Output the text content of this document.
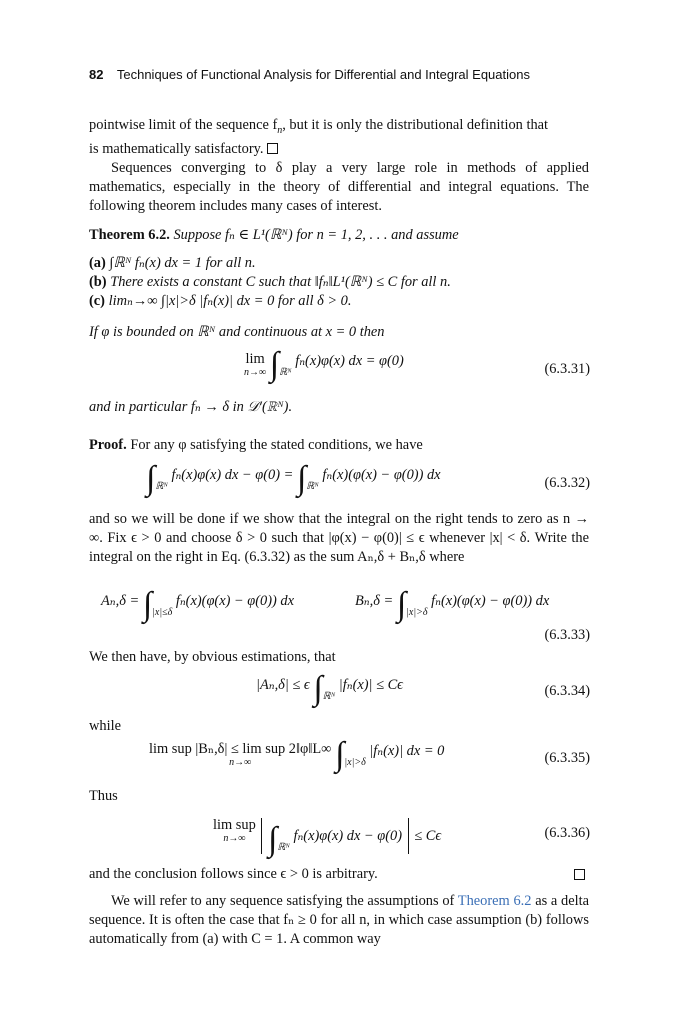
82 Techniques of Functional Analysis for Differential and Integral Equations
pointwise limit of the sequence $f_n$, but it is only the distributional definition that
is mathematically satisfactory.
Sequences converging to δ play a very large role in methods of applied mathematics, especially in the theory of differential and integral equations. The following theorem includes many cases of interest.
Theorem 6.2. Suppose fₙ ∈ L¹(ℝᴺ) for n = 1, 2, . . . and assume
(a) ∫ℝᴺ fₙ(x) dx = 1 for all n.
(b) There exists a constant C such that ‖fₙ‖L¹(ℝᴺ) ≤ C for all n.
(c) limₙ→∞ ∫|x|>δ |fₙ(x)| dx = 0 for all δ > 0.
If φ is bounded on ℝᴺ and continuous at x = 0 then
lim
n→∞ $\int_{ℝᴺ}$ fₙ(x)φ(x) dx = φ(0)	(6.3.31)
and in particular fₙ → δ in 𝒟′(ℝᴺ).
Proof. For any φ satisfying the stated conditions, we have
$\int_{ℝᴺ}$ fₙ(x)φ(x) dx − $\varphi(0) = \int_{ℝᴺ}$ fₙ(x)(φ(x) − φ(0)) dx	(6.3.32)
and so we will be done if we show that the integral on the right tends to zero as n → ∞. Fix ϵ > 0 and choose δ > 0 such that |φ(x) − φ(0)| ≤ ϵ whenever |x| < δ. Write the integral on the right in Eq. (6.3.32) as the sum Aₙ,δ + Bₙ,δ where
$A_n,\delta = \int_{|x|\le\delta}$ fₙ(x)(φ(x) − φ(0)) dx	$B_n,\delta = \int_{|x|>\delta}$ fₙ(x)(φ(x) − φ(0)) dx
(6.3.33)
We then have, by obvious estimations, that
|Aₙ,δ| ≤ ϵ $\int_{ℝᴺ}$ |fₙ(x)| ≤ Cϵ	(6.3.34)
while
lim sup |Bₙ,δ| ≤ lim sup 2‖φ‖L∞
n→∞	$\int_{|x|>\delta}$ |fₙ(x)| dx = 0	(6.3.35)
Thus
lim sup
n→∞ $\int_{ℝᴺ}$ fₙ(x)φ(x) dx − φ(0) ≤ Cϵ	(6.3.36)
and the conclusion follows since ϵ > 0 is arbitrary.
We will refer to any sequence satisfying the assumptions of Theorem 6.2 as a delta sequence. It is often the case that fₙ ≥ 0 for all n, in which case assumption (b) follows automatically from (a) with C = 1. A common way
